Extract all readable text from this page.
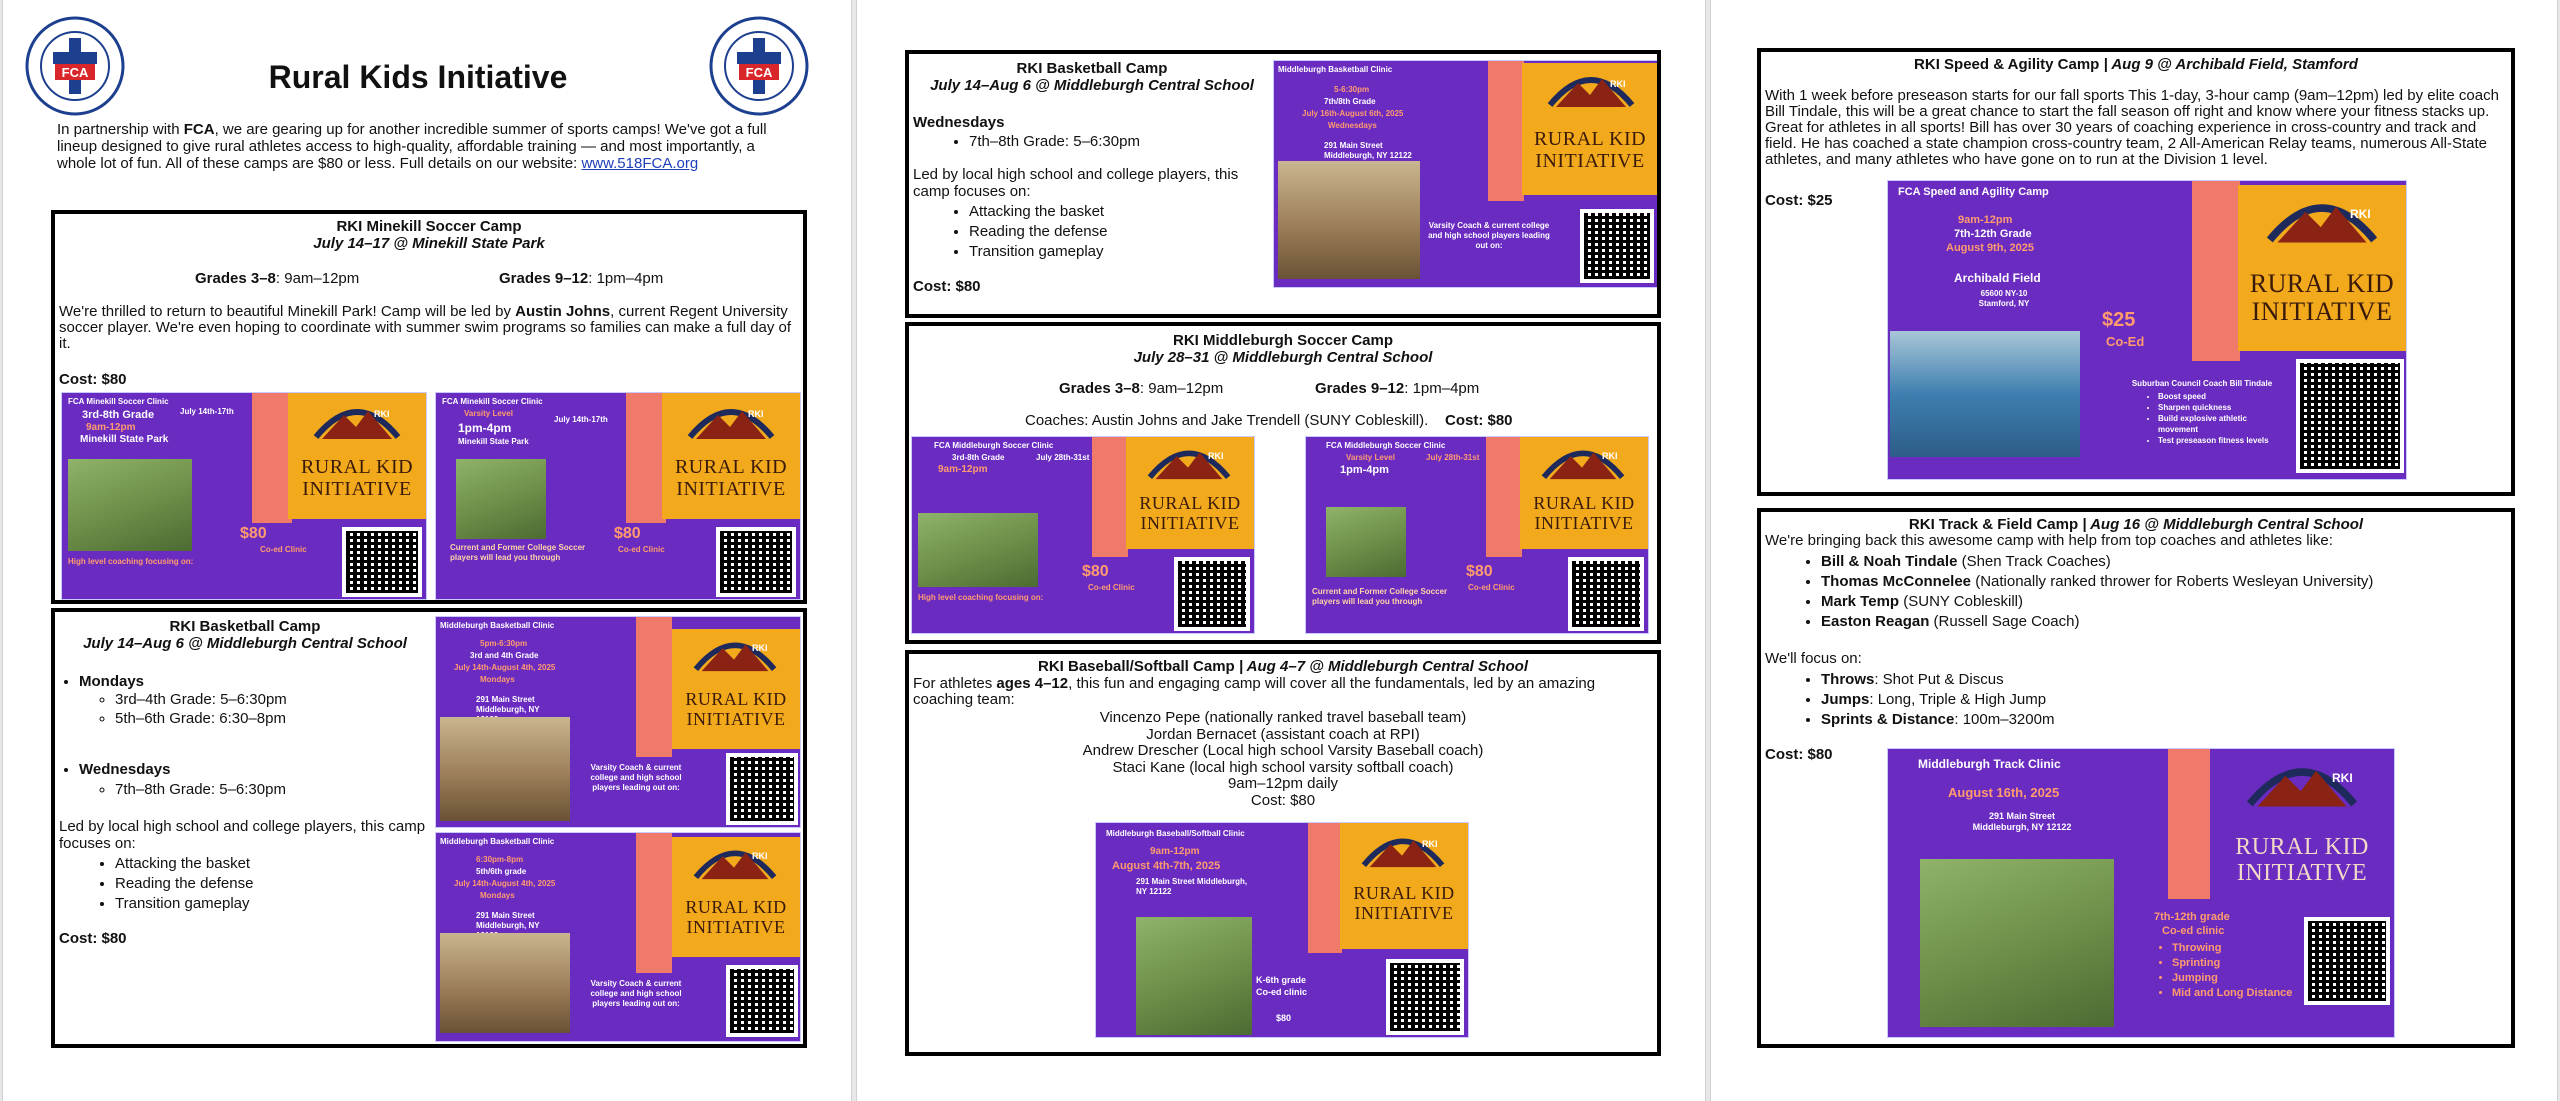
FCA	FCA
Rural Kids Initiative
In partnership with FCA, we are gearing up for another incredible summer of sports camps! We've got a full lineup designed to give rural athletes access to high-quality, affordable training — and most importantly, a whole lot of fun. All of these camps are $80 or less. Full details on our website: www.518FCA.org
RKI Minekill Soccer Camp
July 14–17 @ Minekill State Park
Grades 3–8: 9am–12pm	Grades 9–12: 1pm–4pm
We're thrilled to return to beautiful Minekill Park! Camp will be led by Austin Johns, current Regent University soccer player. We're even hoping to coordinate with summer swim programs so families can make a full day of it.
Cost: $80
RKI
RURAL KID
INITIATIVE
FCA Minekill Soccer Clinic
3rd-8th Grade
9am-12pm
Minekill State Park
July 14th-17th
$80
Co-ed Clinic
High level coaching focusing on:
RKI
RURAL KID
INITIATIVE
FCA Minekill Soccer Clinic
Varsity Level
1pm-4pm
Minekill State Park
July 14th-17th
$80
Co-ed Clinic
Current and Former College Soccer players will lead you through
RKI Basketball Camp
July 14–Aug 6 @ Middleburgh Central School
• Mondays
◦ 3rd–4th Grade: 5–6:30pm
◦ 5th–6th Grade: 6:30–8pm
• Wednesdays
◦ 7th–8th Grade: 5–6:30pm
Led by local high school and college players, this camp focuses on:
• Attacking the basket
• Reading the defense
• Transition gameplay
Cost: $80
RKI
RURAL KID
INITIATIVE
Middleburgh Basketball Clinic
5pm-6:30pm
3rd and 4th Grade
July 14th-August 4th, 2025
Mondays
291 Main Street Middleburgh, NY
Varsity Coach & current college and high school players leading out on:
RKI
RURAL KID
INITIATIVE
Middleburgh Basketball Clinic
6:30pm-8pm
5th/6th grade
July 14th-August 4th, 2025
Mondays
291 Main Street Middleburgh, NY
Varsity Coach & current college and high school players leading out on:
RKI Basketball Camp
July 14–Aug 6 @ Middleburgh Central School
Wednesdays
• 7th–8th Grade: 5–6:30pm
Led by local high school and college players, this camp focuses on:
• Attacking the basket
• Reading the defense
• Transition gameplay
Cost: $80
RKI
RURAL KID
INITIATIVE
Middleburgh Basketball Clinic
5-6:30pm
7th/8th Grade
July 16th-August 6th, 2025
Wednesdays
291 Main Street Middleburgh, NY 12122
Varsity Coach & current college and high school players leading out on:
RKI Middleburgh Soccer Camp
July 28–31 @ Middleburgh Central School
Grades 3–8: 9am–12pm	Grades 9–12: 1pm–4pm
Coaches: Austin Johns and Jake Trendell (SUNY Cobleskill). Cost: $80
RKI
RURAL KID
INITIATIVE
FCA Middleburgh Soccer Clinic
3rd-8th Grade
9am-12pm
July 28th-31st
$80
Co-ed Clinic
High level coaching focusing on:
RKI
RURAL KID
INITIATIVE
FCA Middleburgh Soccer Clinic
Varsity Level
1pm-4pm
July 28th-31st
$80
Co-ed Clinic
Current and Former College Soccer players will lead you through
RKI Baseball/Softball Camp | Aug 4–7 @ Middleburgh Central School
For athletes ages 4–12, this fun and engaging camp will cover all the fundamentals, led by an amazing coaching team:
Vincenzo Pepe (nationally ranked travel baseball team)
Jordan Bernacet (assistant coach at RPI)
Andrew Drescher (Local high school Varsity Baseball coach)
Staci Kane (local high school varsity softball coach)
9am–12pm daily
Cost: $80
RKI
RURAL KID
INITIATIVE
Middleburgh Baseball/Softball Clinic
9am-12pm
August 4th-7th, 2025
291 Main Street Middleburgh, NY 12122
K-6th grade
Co-ed clinic
$80
RKI Speed & Agility Camp | Aug 9 @ Archibald Field, Stamford
With 1 week before preseason starts for our fall sports This 1-day, 3-hour camp (9am–12pm) led by elite coach Bill Tindale, this will be a great chance to start the fall season off right and know where your fitness stacks up. Great for athletes in all sports! Bill has over 30 years of coaching experience in cross-country and track and field. He has coached a state champion cross-country team, 2 All-American Relay teams, numerous All-State athletes, and many athletes who have gone on to run at the Division 1 level.
Cost: $25
RKI
RURAL KID
INITIATIVE
FCA Speed and Agility Camp
9am-12pm
7th-12th Grade
August 9th, 2025
Archibald Field
65600 NY-10 Stamford, NY
$25
Co-Ed
Suburban Council Coach Bill Tindale
• Boost speed
• Sharpen quickness
• Build explosive athletic movement
• Test preseason fitness levels
RKI Track & Field Camp | Aug 16 @ Middleburgh Central School
We're bringing back this awesome camp with help from top coaches and athletes like:
• Bill & Noah Tindale (Shen Track Coaches)
• Thomas McConnelee (Nationally ranked thrower for Roberts Wesleyan University)
• Mark Temp (SUNY Cobleskill)
• Easton Reagan (Russell Sage Coach)
We'll focus on:
• Throws: Shot Put & Discus
• Jumps: Long, Triple & High Jump
• Sprints & Distance: 100m–3200m
Cost: $80
RKI
RURAL KID
INITIATIVE
Middleburgh Track Clinic
August 16th, 2025
291 Main Street Middleburgh, NY 12122
7th-12th grade
Co-ed clinic
• Throwing
• Sprinting
• Jumping
• Mid and Long Distance
